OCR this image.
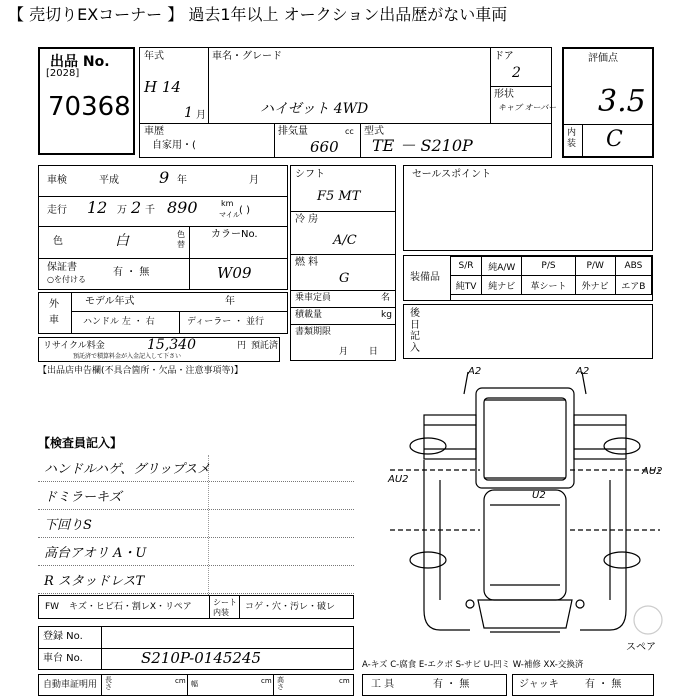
【 売切りEXコーナー 】 過去1年以上 オークション出品歴がない車両
出品 No.
[2028]
70368
年式
H 14
1 月
車名・グレード
ハイゼット 4WD
ドア
2
形状
キャブ オーバー
車歴
自家用・(
排気量	cc
660
型式
TE － S210P
評価点
3.5
内装 C
車検	平成	9 年	月
走行 12 万 2 千 890	km
マイル ( )
色	白	色替
カラーNo.
W09
保証書
○を付ける
有 ・ 無
シフト
F5 MT
冷 房
A/C
燃 料
G
乗車定員	名
積載量	kg
書類期限
月 日
セールスポイント
装備品
S/R	純A/W	P/S	P/W	ABS
純TV	純ナビ	革シート	外ナビ	エアB
後 日 記 入
外 車
モデル年式	年
ハンドル 左 ・ 右	ディーラー ・ 並行
リサイクル料金	15,340	円 預託済
預託済で積算料金が入金記入して下さい
【出品店申告欄(不具合箇所・欠品・注意事項等)】
【検査員記入】
ハンドルハゲ、グリップスメ
ドミラーキズ
下回りS
高台アオリ A・U
R スタッドレスT
FW キズ・ヒビ石・割レX・リペア	シート 内装
コゲ・穴・汚レ・破レ
登録 No.
車台 No.	S210P-0145245
自動車証明用 長さ
cm 幅	cm 高さ
cm
A-キズ C-腐食 E-エクボ S-サビ U-凹ミ W-補修 XX-交換済
工 具	有 ・ 無	ジャッキ	有 ・ 無
A2	A2
AU2
AU2
U2
スペア
